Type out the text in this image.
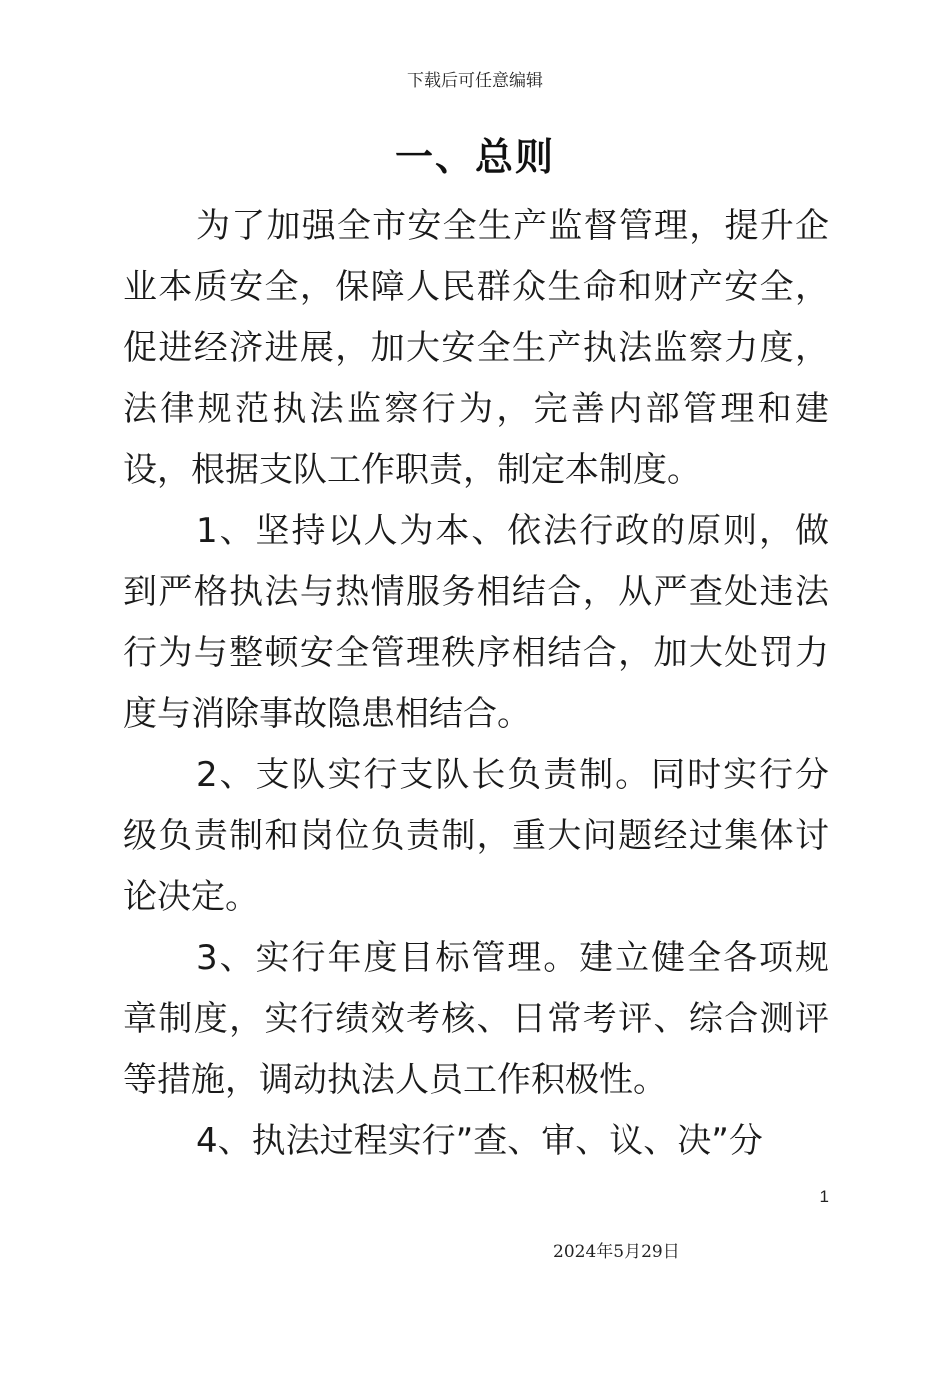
下载后可任意编辑
一、总则

为了加强全市安全生产监督管理，提升企业本质安全，保障人民群众生命和财产安全，促进经济进展，加大安全生产执法监察力度，法律规范执法监察行为，完善内部管理和建设，根据支队工作职责，制定本制度。

1、坚持以人为本、依法行政的原则，做到严格执法与热情服务相结合，从严查处违法行为与整顿安全管理秩序相结合，加大处罚力度与消除事故隐患相结合。

2、支队实行支队长负责制。同时实行分级负责制和岗位负责制，重大问题经过集体讨论决定。

3、实行年度目标管理。建立健全各项规章制度，实行绩效考核、日常考评、综合测评等措施，调动执法人员工作积极性。

4、执法过程实行”查、审、议、决”分

1
2024年5月29日
